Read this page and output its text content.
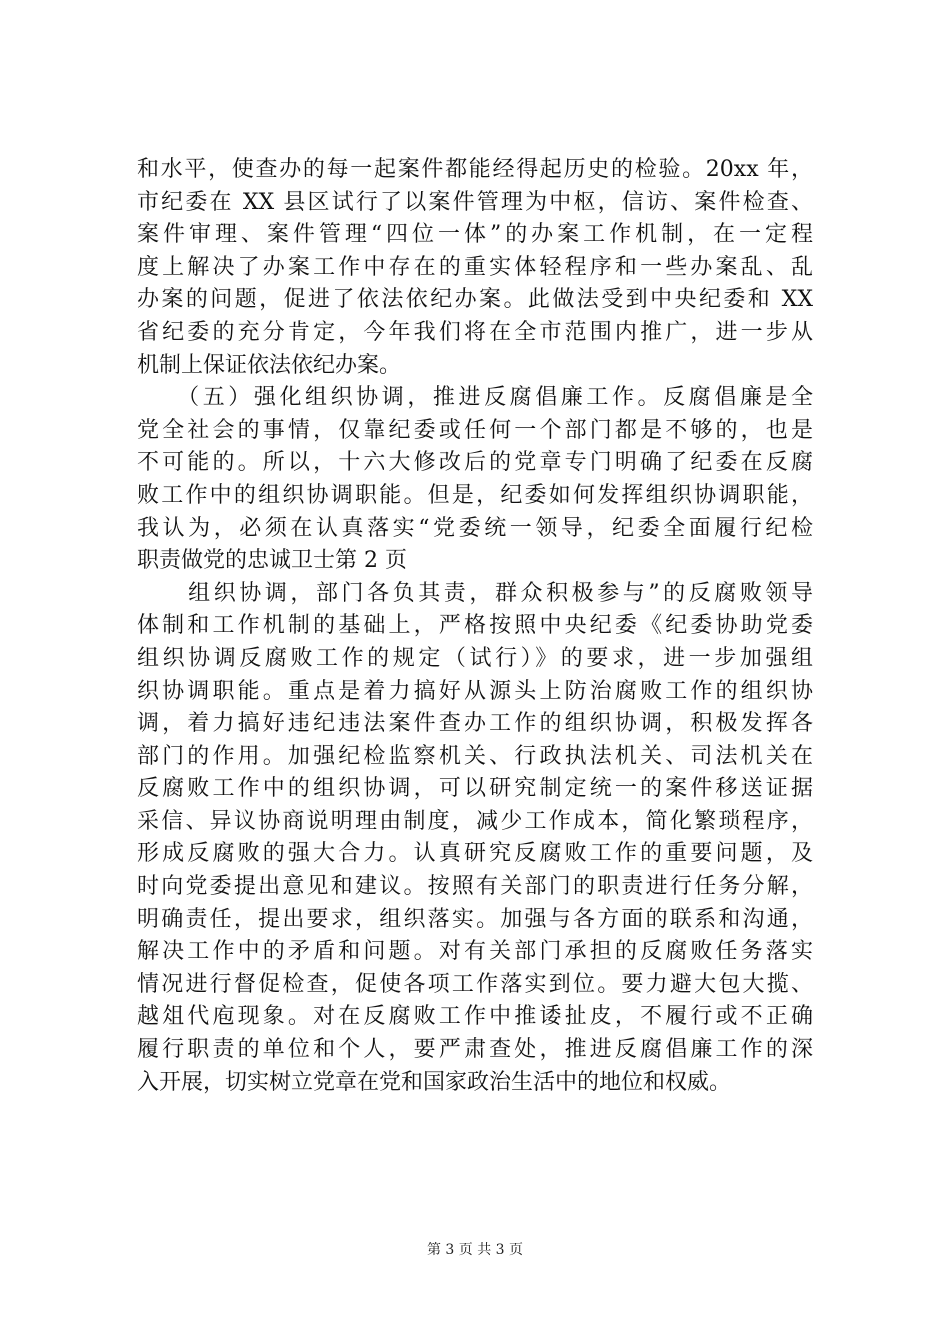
和水平，使查办的每一起案件都能经得起历史的检验。20xx 年，
市纪委在 XX 县区试行了以案件管理为中枢，信访、案件检查、
案件审理、案件管理“四位一体”的办案工作机制，在一定程
度上解决了办案工作中存在的重实体轻程序和一些办案乱、乱
办案的问题，促进了依法依纪办案。此做法受到中央纪委和 XX
省纪委的充分肯定，今年我们将在全市范围内推广，进一步从
机制上保证依法依纪办案。
　　（五）强化组织协调，推进反腐倡廉工作。反腐倡廉是全
党全社会的事情，仅靠纪委或任何一个部门都是不够的，也是
不可能的。所以，十六大修改后的党章专门明确了纪委在反腐
败工作中的组织协调职能。但是，纪委如何发挥组织协调职能，
我认为，必须在认真落实“党委统一领导，纪委全面履行纪检
职责做党的忠诚卫士第 2 页
　　组织协调，部门各负其责，群众积极参与”的反腐败领导
体制和工作机制的基础上，严格按照中央纪委《纪委协助党委
组织协调反腐败工作的规定（试行）》的要求，进一步加强组
织协调职能。重点是着力搞好从源头上防治腐败工作的组织协
调，着力搞好违纪违法案件查办工作的组织协调，积极发挥各
部门的作用。加强纪检监察机关、行政执法机关、司法机关在
反腐败工作中的组织协调，可以研究制定统一的案件移送证据
采信、异议协商说明理由制度，减少工作成本，简化繁琐程序，
形成反腐败的强大合力。认真研究反腐败工作的重要问题，及
时向党委提出意见和建议。按照有关部门的职责进行任务分解，
明确责任，提出要求，组织落实。加强与各方面的联系和沟通，
解决工作中的矛盾和问题。对有关部门承担的反腐败任务落实
情况进行督促检查，促使各项工作落实到位。要力避大包大揽、
越俎代庖现象。对在反腐败工作中推诿扯皮，不履行或不正确
履行职责的单位和个人，要严肃查处，推进反腐倡廉工作的深
入开展，切实树立党章在党和国家政治生活中的地位和权威。
第 3 页 共 3 页
